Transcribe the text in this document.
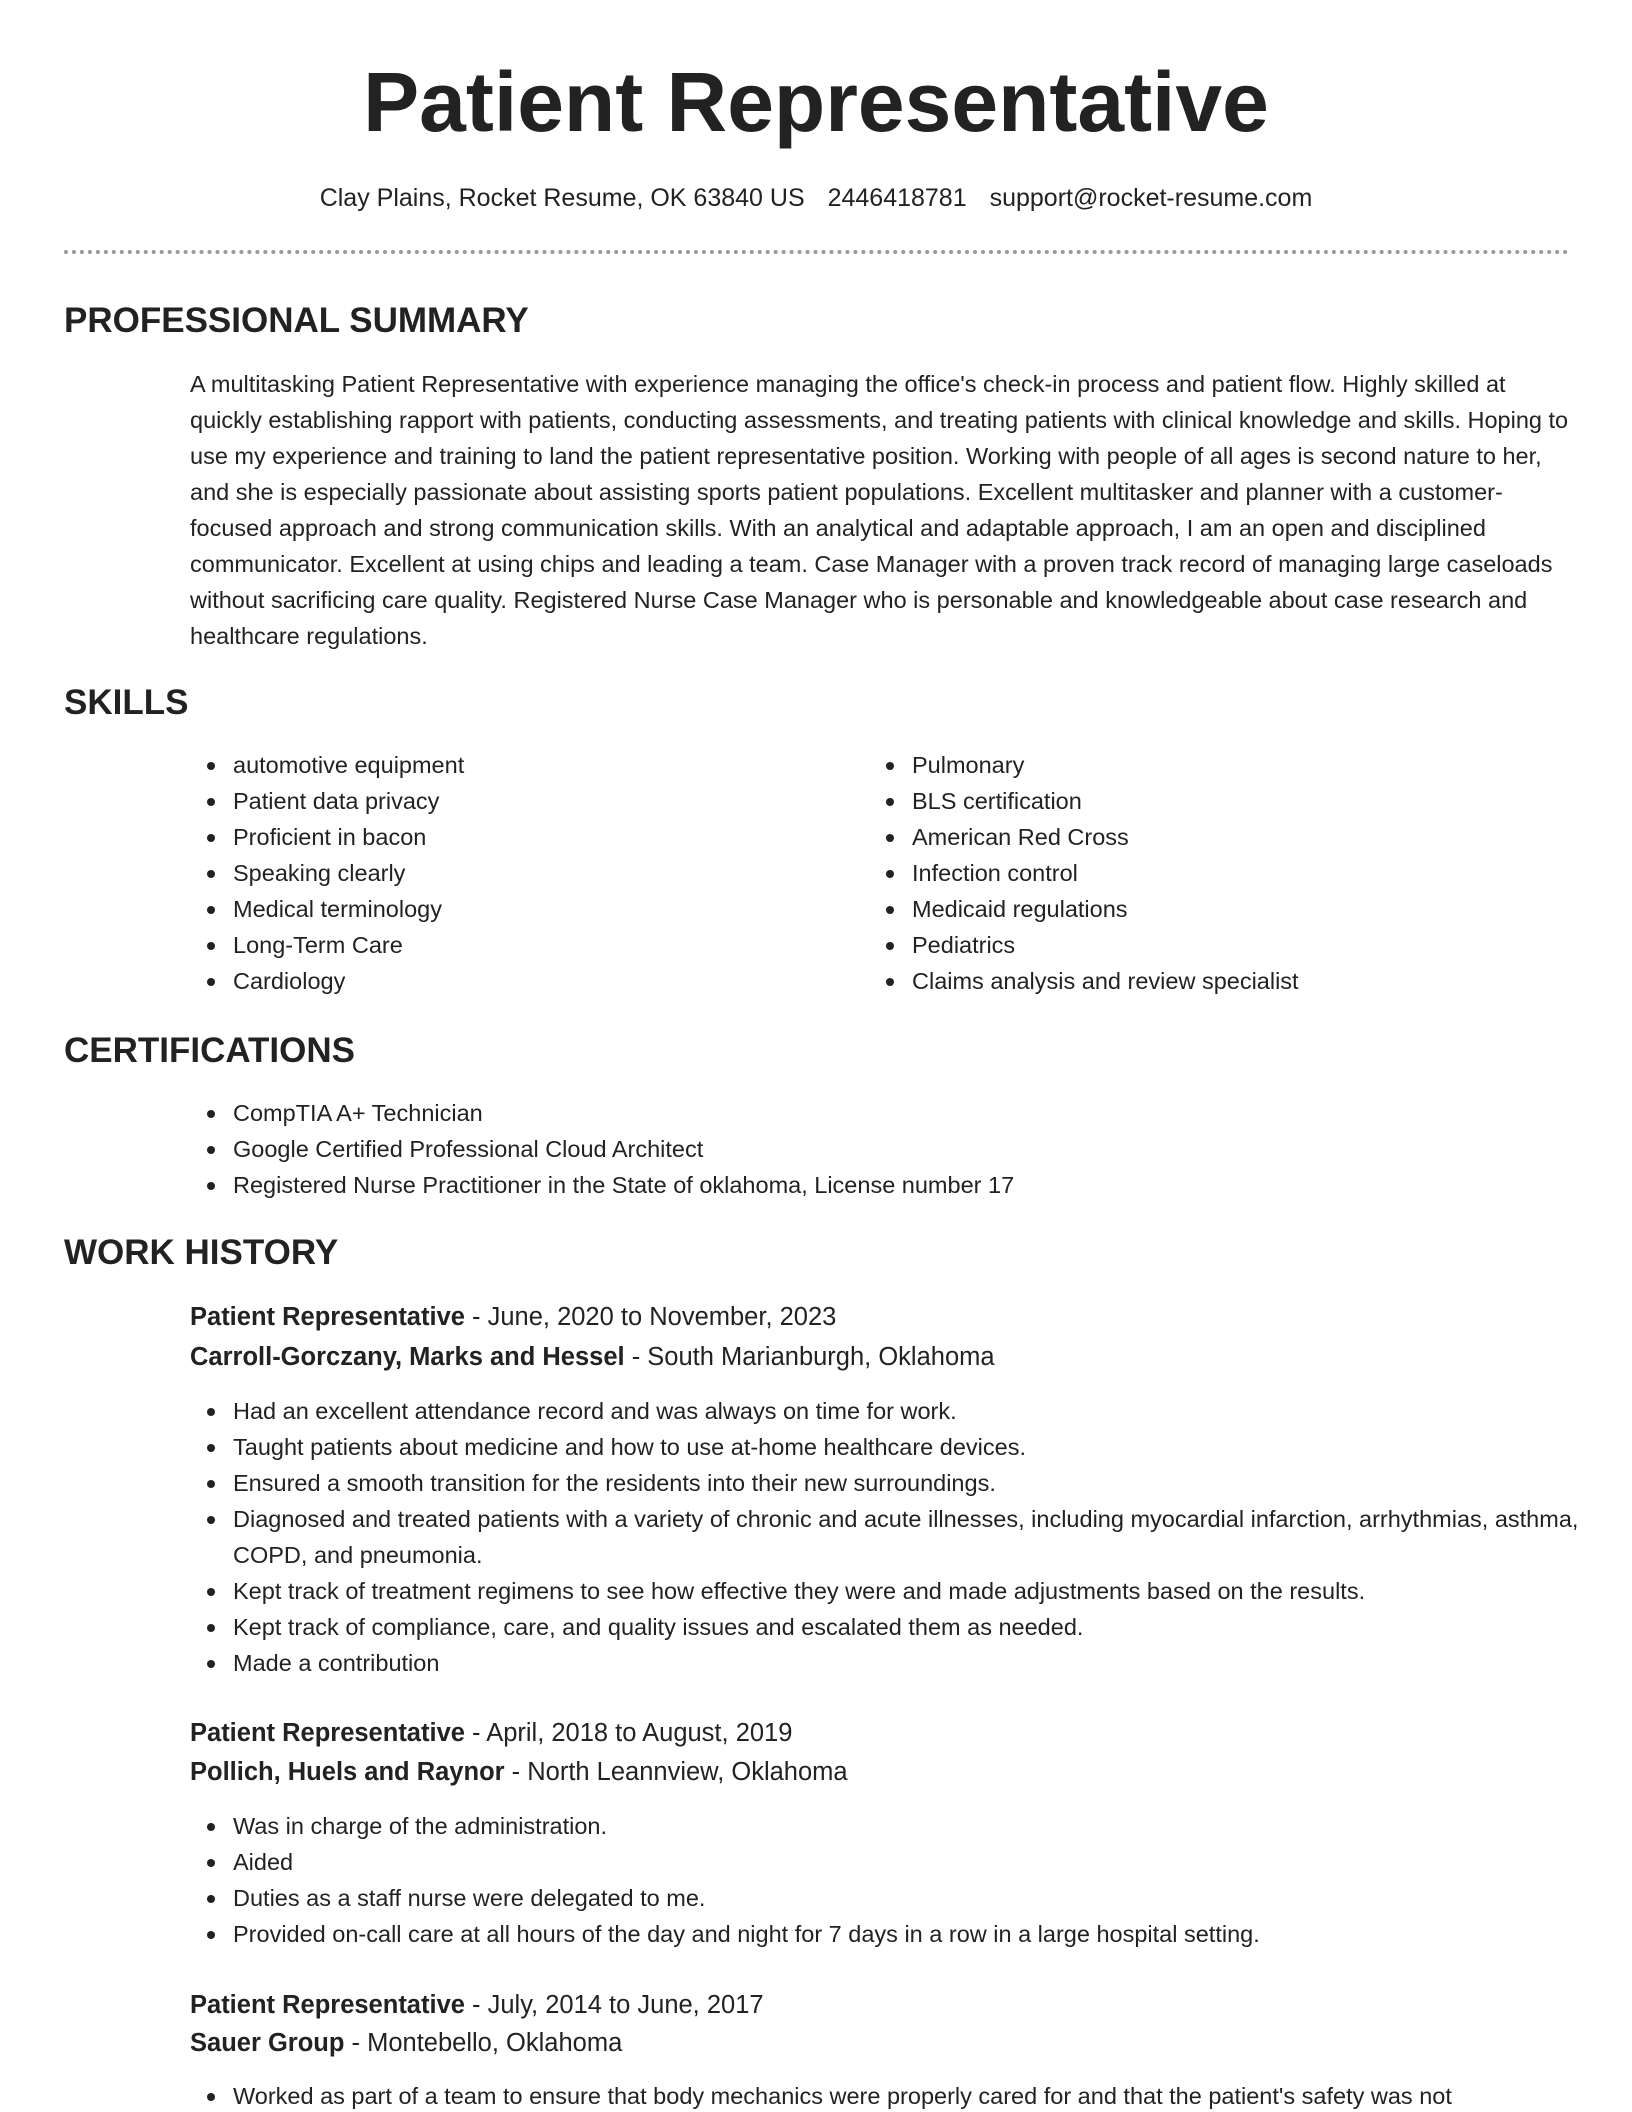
Patient Representative
Clay Plains, Rocket Resume, OK 63840 US 2446418781 support@rocket-resume.com
PROFESSIONAL SUMMARY

A multitasking Patient Representative with experience managing the office's check-in process and patient flow. Highly skilled at quickly establishing rapport with patients, conducting assessments, and treating patients with clinical knowledge and skills. Hoping to use my experience and training to land the patient representative position. Working with people of all ages is second nature to her, and she is especially passionate about assisting sports patient populations. Excellent multitasker and planner with a customer-focused approach and strong communication skills. With an analytical and adaptable approach, I am an open and disciplined communicator. Excellent at using chips and leading a team. Case Manager with a proven track record of managing large caseloads without sacrificing care quality. Registered Nurse Case Manager who is personable and knowledgeable about case research and healthcare regulations.

SKILLS
automotive equipment
Patient data privacy
Proficient in bacon
Speaking clearly
Medical terminology
Long-Term Care
Cardiology
Pulmonary
BLS certification
American Red Cross
Infection control
Medicaid regulations
Pediatrics
Claims analysis and review specialist
CERTIFICATIONS
CompTIA A+ Technician
Google Certified Professional Cloud Architect
Registered Nurse Practitioner in the State of oklahoma, License number 17
WORK HISTORY
Patient Representative - June, 2020 to November, 2023
Carroll-Gorczany, Marks and Hessel - South Marianburgh, Oklahoma
Had an excellent attendance record and was always on time for work.
Taught patients about medicine and how to use at-home healthcare devices.
Ensured a smooth transition for the residents into their new surroundings.
Diagnosed and treated patients with a variety of chronic and acute illnesses, including myocardial infarction, arrhythmias, asthma, COPD, and pneumonia.
Kept track of treatment regimens to see how effective they were and made adjustments based on the results.
Kept track of compliance, care, and quality issues and escalated them as needed.
Made a contribution
Patient Representative - April, 2018 to August, 2019
Pollich, Huels and Raynor - North Leannview, Oklahoma
Was in charge of the administration.
Aided
Duties as a staff nurse were delegated to me.
Provided on-call care at all hours of the day and night for 7 days in a row in a large hospital setting.
Patient Representative - July, 2014 to June, 2017
Sauer Group - Montebello, Oklahoma
Worked as part of a team to ensure that body mechanics were properly cared for and that the patient's safety was not
